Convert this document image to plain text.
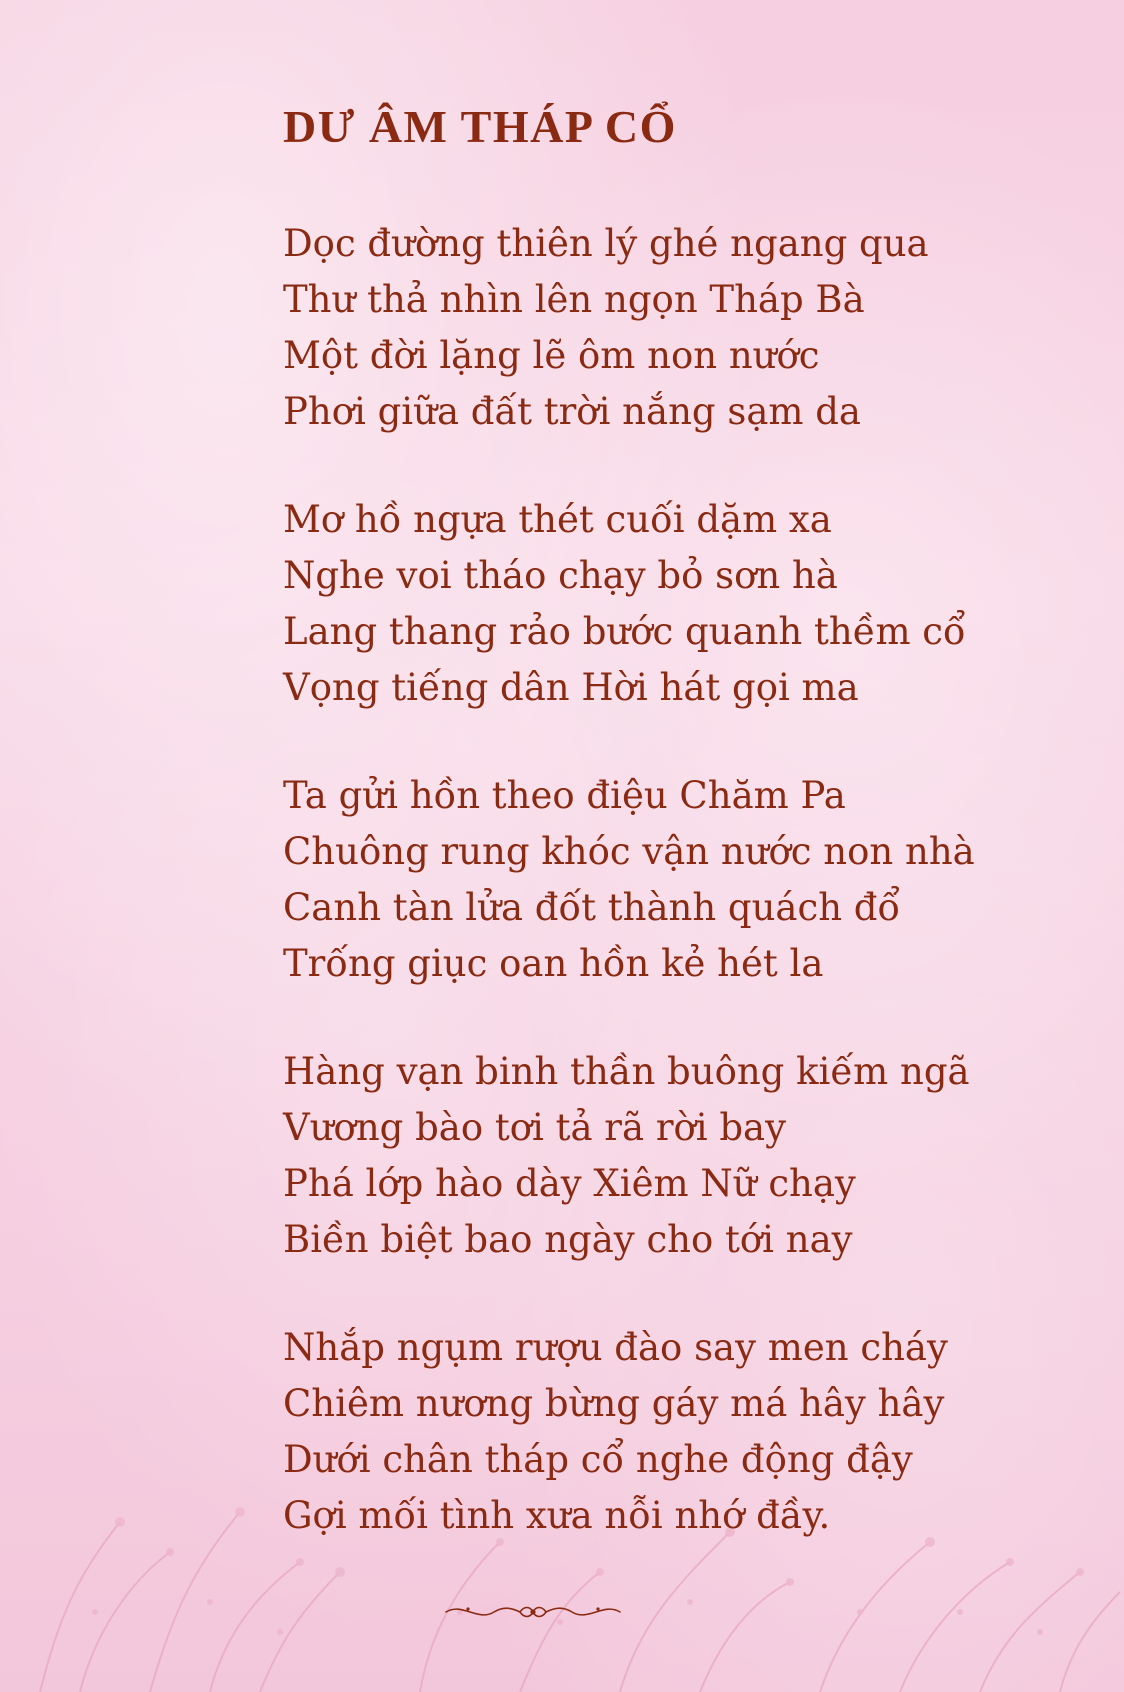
DƯ ÂM THÁP CỔ
Dọc đường thiên lý ghé ngang qua
Thư thả nhìn lên ngọn Tháp Bà
Một đời lặng lẽ ôm non nước
Phơi giữa đất trời nắng sạm da
Mơ hồ ngựa thét cuối dặm xa
Nghe voi tháo chạy bỏ sơn hà
Lang thang rảo bước quanh thềm cổ
Vọng tiếng dân Hời hát gọi ma
Ta gửi hồn theo điệu Chăm Pa
Chuông rung khóc vận nước non nhà
Canh tàn lửa đốt thành quách đổ
Trống giục oan hồn kẻ hét la
Hàng vạn binh thần buông kiếm ngã
Vương bào tơi tả rã rời bay
Phá lớp hào dày Xiêm Nữ chạy
Biền biệt bao ngày cho tới nay
Nhắp ngụm rượu đào say men cháy
Chiêm nương bừng gáy má hây hây
Dưới chân tháp cổ nghe động đậy
Gợi mối tình xưa nỗi nhớ đầy.
